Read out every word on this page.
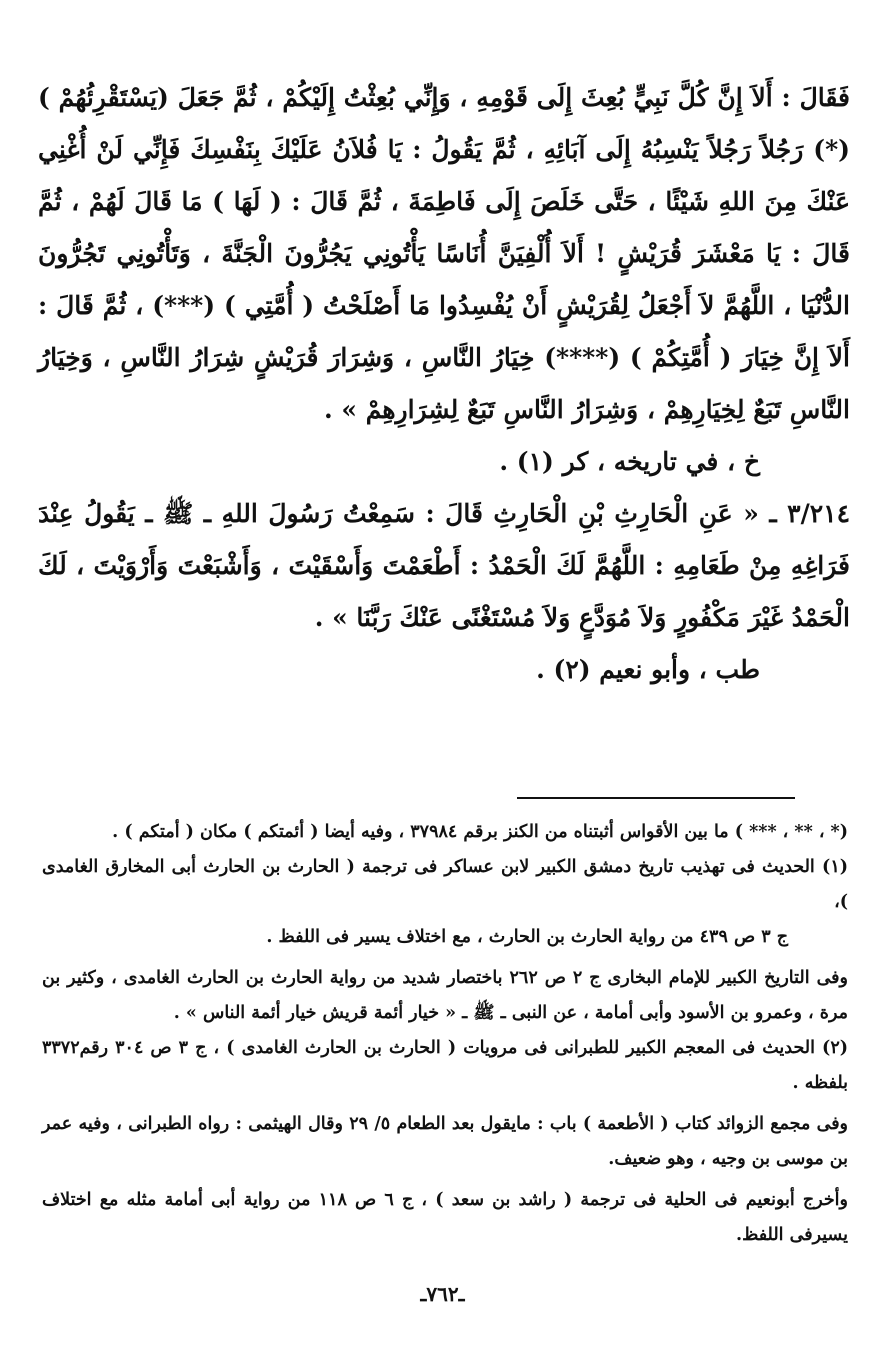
فَقَالَ : أَلاَ إِنَّ كُلَّ نَبِيٍّ بُعِثَ إِلَى قَوْمِهِ ، وَإِنِّي بُعِثْتُ إِلَيْكُمْ ، ثُمَّ جَعَلَ (يَسْتَقْرِئُهُمْ ) (*) رَجُلاً رَجُلاً يَنْسِبُهُ إِلَى آبَائِهِ ، ثُمَّ يَقُولُ : يَا فُلاَنُ عَلَيْكَ بِنَفْسِكَ فَإِنِّي لَنْ أُغْنِي عَنْكَ مِنَ اللهِ شَيْئًا ، حَتَّى خَلَصَ إِلَى فَاطِمَةَ ، ثُمَّ قَالَ : ( لَهَا ) مَا قَالَ لَهُمْ ، ثُمَّ قَالَ : يَا مَعْشَرَ قُرَيْشٍ ! أَلاَ أُلْفِيَنَّ أُنَاسًا يَأْتُونِي يَجُرُّونَ الْجَنَّةَ ، وَتَأْتُونِي تَجُرُّونَ الدُّنْيَا ، اللَّهُمَّ لاَ أَجْعَلُ لِقُرَيْشٍ أَنْ يُفْسِدُوا مَا أَصْلَحْتُ ( أُمَّتِي ) (***) ، ثُمَّ قَالَ : أَلاَ إِنَّ خِيَارَ ( أُمَّتِكُمْ ) (****) خِيَارُ النَّاسِ ، وَشِرَارَ قُرَيْشٍ شِرَارُ النَّاسِ ، وَخِيَارُ النَّاسِ تَبَعٌ لِخِيَارِهِمْ ، وَشِرَارُ النَّاسِ تَبَعٌ لِشِرَارِهِمْ » .

خ ، في تاريخه ، كر (١) .

٣/٢١٤ ـ « عَنِ الْحَارِثِ بْنِ الْحَارِثِ قَالَ : سَمِعْتُ رَسُولَ اللهِ ـ ﷺ ـ يَقُولُ عِنْدَ فَرَاغِهِ مِنْ طَعَامِهِ : اللَّهُمَّ لَكَ الْحَمْدُ : أَطْعَمْتَ وَأَسْقَيْتَ ، وَأَشْبَعْتَ وَأَرْوَيْتَ ، لَكَ الْحَمْدُ غَيْرَ مَكْفُورٍ وَلاَ مُوَدَّعٍ وَلاَ مُسْتَغْنًى عَنْكَ رَبَّنَا » .

طب ، وأبو نعيم (٢) .

(* ، ** ، *** ) ما بين الأقواس أثبتناه من الكنز برقم ٣٧٩٨٤ ، وفيه أيضا ( أئمتكم ) مكان ( أمتكم ) .

(١) الحديث فى تهذيب تاريخ دمشق الكبير لابن عساكر فى ترجمة ( الحارث بن الحارث أبى المخارق الغامدى )،

ج ٣ ص ٤٣٩ من رواية الحارث بن الحارث ، مع اختلاف يسير فى اللفظ .

وفى التاريخ الكبير للإمام البخارى ج ٢ ص ٢٦٢ باختصار شديد من رواية الحارث بن الحارث الغامدى ، وكثير بن مرة ، وعمرو بن الأسود وأبى أمامة ، عن النبى ـ ﷺ ـ « خيار أئمة قريش خيار أئمة الناس » .

(٢) الحديث فى المعجم الكبير للطبرانى فى مرويات ( الحارث بن الحارث الغامدى ) ، ج ٣ ص ٣٠٤ رقم٣٣٧٢ بلفظه .

وفى مجمع الزوائد كتاب ( الأطعمة ) باب : مايقول بعد الطعام ٥/ ٢٩ وقال الهيثمى : رواه الطبرانى ، وفيه عمر بن موسى بن وجيه ، وهو ضعيف.

وأخرج أبونعيم فى الحلية فى ترجمة ( راشد بن سعد ) ، ج ٦ ص ١١٨ من رواية أبى أمامة مثله مع اختلاف يسيرفى اللفظ.

ـ٧٦٢ـ
